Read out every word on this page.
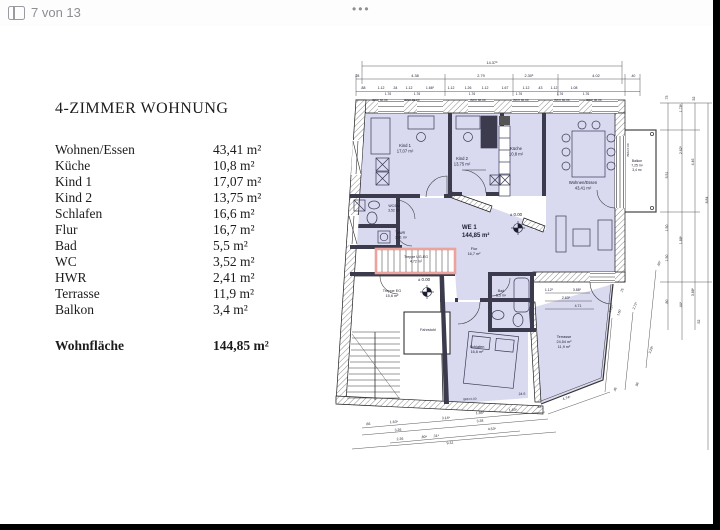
7 von 13	•••
4-ZIMMER WOHNUNG
Wohnen/Essen	43,41 m²
Küche	10,8 m²
Kind 1	17,07 m²
Kind 2	13,75 m²
Schlafen	16,6 m²
Flur	16,7 m²
Bad	5,5 m²
WC	3,52 m²
HWR	2,41 m²
Terrasse	11,9 m²
Balkon	3,4 m²
Wohnfläche	144,85 m²
Kind 1 17,07 m²
Kind 2 13,75 m²
Küche 10,8 m²
Wohnen/Essen 43,41 m²
WE 1 144,85 m²
Flur 16,7 m²
WC/Du 3,52 m²
HWR 2,41 m²
Treppe UG-EG 4,72 m²
Treppe EG 15,6 m²
Fahrstuhl
Bad 5,5 m²
Schlafen 16,6 m²
Terrasse 24,54 m² 11,9 m²
Balkon 7,25 m² 3,4 m²
14.37⁵
.28	4.38	2.79	2.30⁵	4.02	.40
.88	1.12 .34 1.12	1.66⁵	1.12	1.26	1.12	1.67	1.12 .43 1.12	1.08
1.76	1.76	1.76	1.76	1.76	1.76
BRH 90.00	BRH 90.00	BRH 90.00	BRH 90.00	BRH 90.00	BRH 80.00	.75
1.78⁵
.52
5.51
2.62⁵
4.46
1.50
1.88⁵
8.84
1.50
.80	.44⁵
3.88⁵
.52
BRH 0.00
1.12⁵	3.88⁵
2.63⁵
4.71
± 0.00
± 0.00
BRH 0.00
24.6
.66	1.63⁵
3.14⁵
1.85⁵
1.83⁵
.48
3.26
3.28
2.26	.80⁵ .31⁵
4.53⁵
9.32
4.74⁵
.75
1.12⁵ 1.50
2.72⁵
.45
.88
3.29⁵
.60²
